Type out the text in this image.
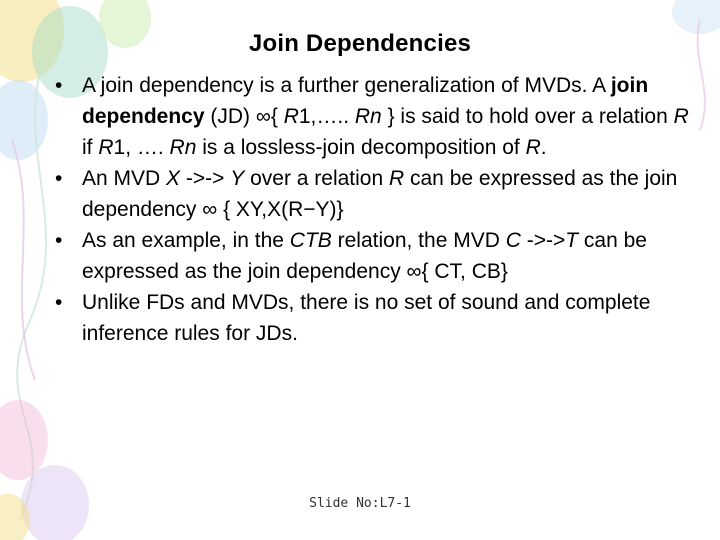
Join Dependencies
• A join dependency is a further generalization of MVDs. A join dependency (JD) ∞{ R1,….. Rn } is said to hold over a relation R if R1, …. Rn is a lossless-join decomposition of R.
• An MVD X ->-> Y over a relation R can be expressed as the join dependency ∞ { XY,X(R−Y)}
• As an example, in the CTB relation, the MVD C ->->T can be expressed as the join dependency ∞{ CT, CB}
• Unlike FDs and MVDs, there is no set of sound and complete inference rules for JDs.
Slide No:L7-1
